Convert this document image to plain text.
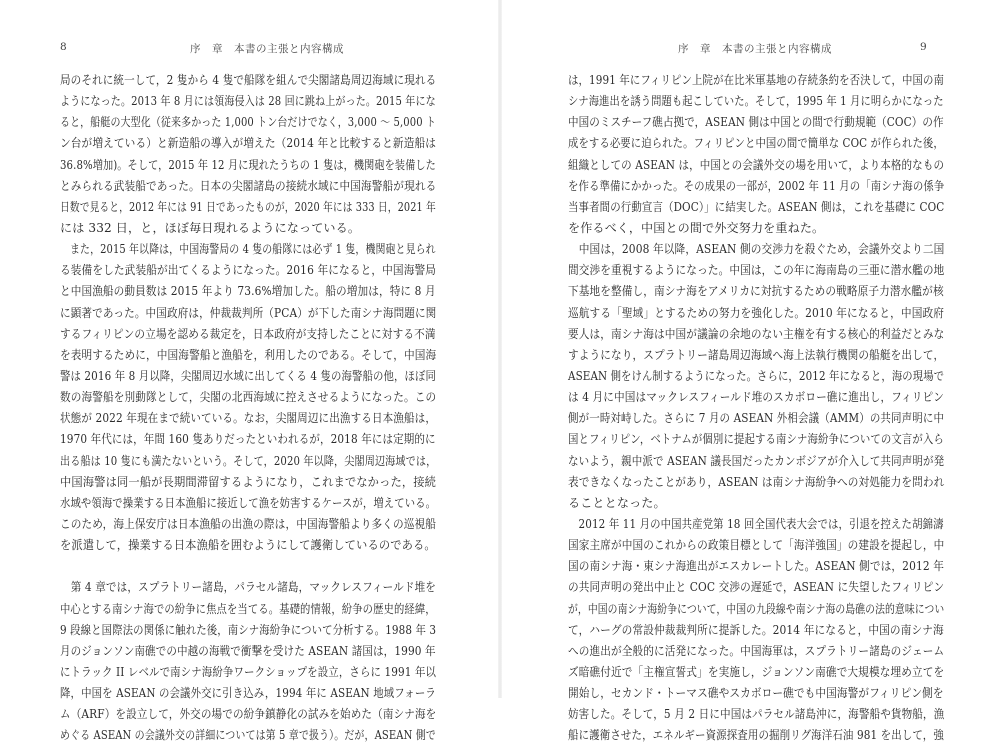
8	序　章　本書の主張と内容構成
局のそれに統一して，2 隻から 4 隻で船隊を組んで尖閣諸島周辺海域に現れる
ようになった。2013 年 8 月には領海侵入は 28 回に跳ね上がった。2015 年にな
ると，船艇の大型化（従来多かった 1,000 トン台だけでなく，3,000 ～ 5,000 ト
ン台が増えている）と新造船の導入が増えた（2014 年と比較すると新造船は
36.8%増加)。そして，2015 年 12 月に現れたうちの 1 隻は，機関砲を装備した
とみられる武装船であった。日本の尖閣諸島の接続水域に中国海警船が現れる
日数で見ると，2012 年には 91 日であったものが，2020 年には 333 日，2021 年
には 332 日，と，ほぼ毎日現れるようになっている。
　また，2015 年以降は，中国海警局の 4 隻の船隊には必ず 1 隻，機関砲と見られ
る装備をした武装船が出てくるようになった。2016 年になると，中国海警局
と中国漁船の動員数は 2015 年より 73.6%増加した。船の増加は，特に 8 月
に顕著であった。中国政府は，仲裁裁判所（PCA）が下した南シナ海問題に関
するフィリピンの立場を認める裁定を，日本政府が支持したことに対する不満
を表明するために，中国海警船と漁船を，利用したのである。そして，中国海
警は 2016 年 8 月以降，尖閣周辺水域に出してくる 4 隻の海警船の他，ほぼ同
数の海警船を別動隊として，尖閣の北西海域に控えさせるようになった。この
状態が 2022 年現在まで続いている。なお，尖閣周辺に出漁する日本漁船は，
1970 年代には，年間 160 隻ありだったといわれるが，2018 年には定期的に
出る船は 10 隻にも満たないという。そして，2020 年以降，尖閣周辺海域では，
中国海警は同一船が長期間滞留するようになり，これまでなかった，接続
水域や領海で操業する日本漁船に接近して漁を妨害するケースが，増えている。
このため，海上保安庁は日本漁船の出漁の際は，中国海警船より多くの巡視船
を派遣して，操業する日本漁船を囲むようにして護衛しているのである。
　第 4 章では，スプラトリー諸島，パラセル諸島，マックレスフィールド堆を
中心とする南シナ海での紛争に焦点を当てる。基礎的情報，紛争の歴史的経緯，
9 段線と国際法の関係に触れた後，南シナ海紛争について分析する。1988 年 3
月のジョンソン南礁での中越の海戦で衝撃を受けた ASEAN 諸国は，1990 年
にトラック II レベルで南シナ海紛争ワークショップを設立，さらに 1991 年以
降，中国を ASEAN の会議外交に引き込み，1994 年に ASEAN 地域フォーラ
ム（ARF）を設立して，外交の場での紛争鎮静化の試みを始めた（南シナ海を
めぐる ASEAN の会議外交の詳細については第 5 章で扱う）。だが，ASEAN 側で
序　章　本書の主張と内容構成	9
は，1991 年にフィリピン上院が在比米軍基地の存続条約を否決して，中国の南
シナ海進出を誘う問題も起こしていた。そして，1995 年 1 月に明らかになった
中国のミスチーフ礁占拠で，ASEAN 側は中国との間で行動規範（COC）の作
成をする必要に迫られた。フィリピンと中国の間で簡単な COC が作られた後，
組織としての ASEAN は，中国との会議外交の場を用いて，より本格的なもの
を作る準備にかかった。その成果の一部が，2002 年 11 月の「南シナ海の係争
当事者間の行動宣言（DOC）」に結実した。ASEAN 側は，これを基礎に COC
を作るべく，中国との間で外交努力を重ねた。
　中国は，2008 年以降，ASEAN 側の交渉力を殺ぐため，会議外交より二国
間交渉を重視するようになった。中国は，この年に海南島の三亜に潜水艦の地
下基地を整備し，南シナ海をアメリカに対抗するための戦略原子力潜水艦が核
巡航する「聖域」とするための努力を強化した。2010 年になると，中国政府
要人は，南シナ海は中国が議論の余地のない主権を有する核心的利益だとみな
すようになり，スプラトリー諸島周辺海域へ海上法執行機関の船艇を出して，
ASEAN 側をけん制するようになった。さらに，2012 年になると，海の現場で
は 4 月に中国はマックレスフィールド堆のスカボロー礁に進出し，フィリピン
側が一時対峙した。さらに 7 月の ASEAN 外相会議（AMM）の共同声明に中
国とフィリピン，ベトナムが個別に提起する南シナ海紛争についての文言が入ら
ないよう，親中派で ASEAN 議長国だったカンボジアが介入して共同声明が発
表できなくなったことがあり，ASEAN は南シナ海紛争への対処能力を問われ
ることとなった。
　2012 年 11 月の中国共産党第 18 回全国代表大会では，引退を控えた胡錦濤
国家主席が中国のこれからの政策目標として「海洋強国」の建設を提起し，中
国の南シナ海・東シナ海進出がエスカレートした。ASEAN 側では，2012 年
の共同声明の発出中止と COC 交渉の遅延で，ASEAN に失望したフィリピン
が，中国の南シナ海紛争について，中国の九段線や南シナ海の島礁の法的意味につい
て，ハーグの常設仲裁裁判所に提訴した。2014 年になると，中国の南シナ海
への進出が全般的に活発になった。中国海軍は，スプラトリー諸島のジェーム
ズ暗礁付近で「主権宣誓式」を実施し，ジョンソン南礁で大規模な埋め立てを
開始し，セカンド・トーマス礁やスカボロー礁でも中国海警がフィリピン側を
妨害した。そして，5 月 2 日に中国はパラセル諸島沖に，海警船や貨物船，漁
船に護衛させた，エネルギー資源探査用の掘削リグ海洋石油 981 を出して，強
